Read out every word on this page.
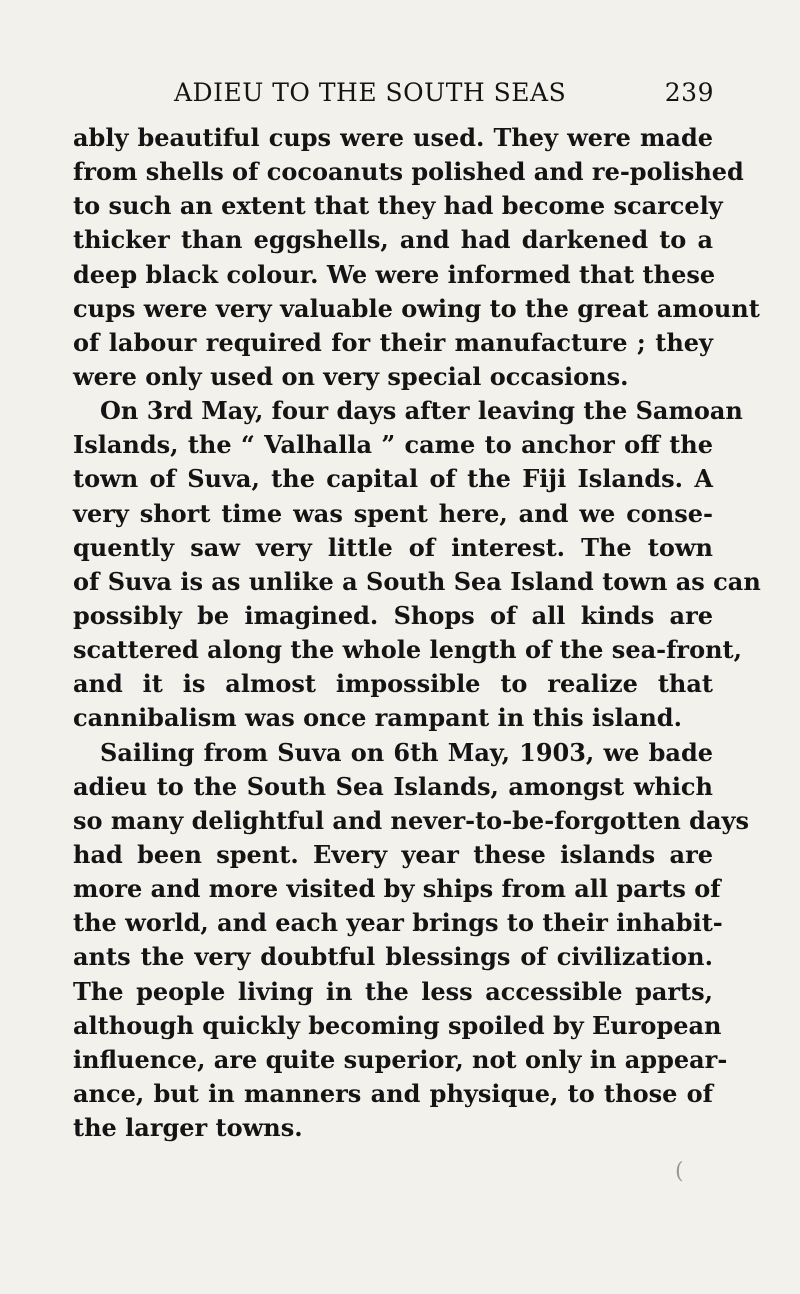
ADIEU TO THE SOUTH SEAS	239
ably beautiful cups were used. They were made
from shells of cocoanuts polished and re-polished
to such an extent that they had become scarcely
thicker than eggshells, and had darkened to a
deep black colour. We were informed that these
cups were very valuable owing to the great amount
of labour required for their manufacture ; they
were only used on very special occasions.
On 3rd May, four days after leaving the Samoan
Islands, the “ Valhalla ” came to anchor off the
town of Suva, the capital of the Fiji Islands. A
very short time was spent here, and we conse-
quently saw very little of interest. The town
of Suva is as unlike a South Sea Island town as can
possibly be imagined. Shops of all kinds are
scattered along the whole length of the sea-front,
and it is almost impossible to realize that
cannibalism was once rampant in this island.
Sailing from Suva on 6th May, 1903, we bade
adieu to the South Sea Islands, amongst which
so many delightful and never-to-be-forgotten days
had been spent. Every year these islands are
more and more visited by ships from all parts of
the world, and each year brings to their inhabit-
ants the very doubtful blessings of civilization.
The people living in the less accessible parts,
although quickly becoming spoiled by European
influence, are quite superior, not only in appear-
ance, but in manners and physique, to those of
the larger towns.
(
